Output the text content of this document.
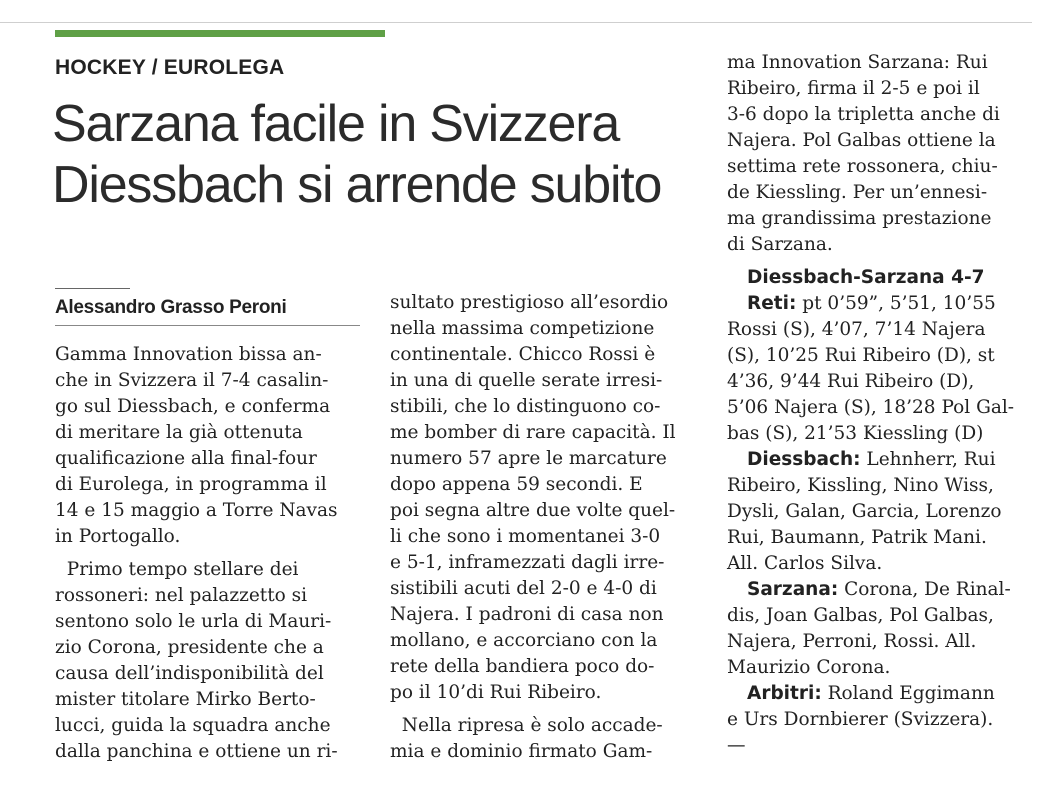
HOCKEY / EUROLEGA
Sarzana facile in Svizzera
Diessbach si arrende subito
Alessandro Grasso Peroni
Gamma Innovation bissa an-
che in Svizzera il 7-4 casalin-
go sul Diessbach, e conferma
di meritare la già ottenuta
qualificazione alla final-four
di Eurolega, in programma il
14 e 15 maggio a Torre Navas
in Portogallo.
Primo tempo stellare dei
rossoneri: nel palazzetto si
sentono solo le urla di Mauri-
zio Corona, presidente che a
causa dell’indisponibilità del
mister titolare Mirko Berto-
lucci, guida la squadra anche
dalla panchina e ottiene un ri-
sultato prestigioso all’esordio
nella massima competizione
continentale. Chicco Rossi è
in una di quelle serate irresi-
stibili, che lo distinguono co-
me bomber di rare capacità. Il
numero 57 apre le marcature
dopo appena 59 secondi. E
poi segna altre due volte quel-
li che sono i momentanei 3-0
e 5-1, inframezzati dagli irre-
sistibili acuti del 2-0 e 4-0 di
Najera. I padroni di casa non
mollano, e accorciano con la
rete della bandiera poco do-
po il 10’di Rui Ribeiro.
Nella ripresa è solo accade-
mia e dominio firmato Gam-
ma Innovation Sarzana: Rui
Ribeiro, firma il 2-5 e poi il
3-6 dopo la tripletta anche di
Najera. Pol Galbas ottiene la
settima rete rossonera, chiu-
de Kiessling. Per un’ennesi-
ma grandissima prestazione
di Sarzana.
Diessbach-Sarzana 4-7
Reti: pt 0’59”, 5’51, 10’55
Rossi (S), 4’07, 7’14 Najera
(S), 10’25 Rui Ribeiro (D), st
4’36, 9’44 Rui Ribeiro (D),
5’06 Najera (S), 18’28 Pol Gal-
bas (S), 21’53 Kiessling (D)
Diessbach: Lehnherr, Rui
Ribeiro, Kissling, Nino Wiss,
Dysli, Galan, Garcia, Lorenzo
Rui, Baumann, Patrik Mani.
All. Carlos Silva.
Sarzana: Corona, De Rinal-
dis, Joan Galbas, Pol Galbas,
Najera, Perroni, Rossi. All.
Maurizio Corona.
Arbitri: Roland Eggimann
e Urs Dornbierer (Svizzera).
—
